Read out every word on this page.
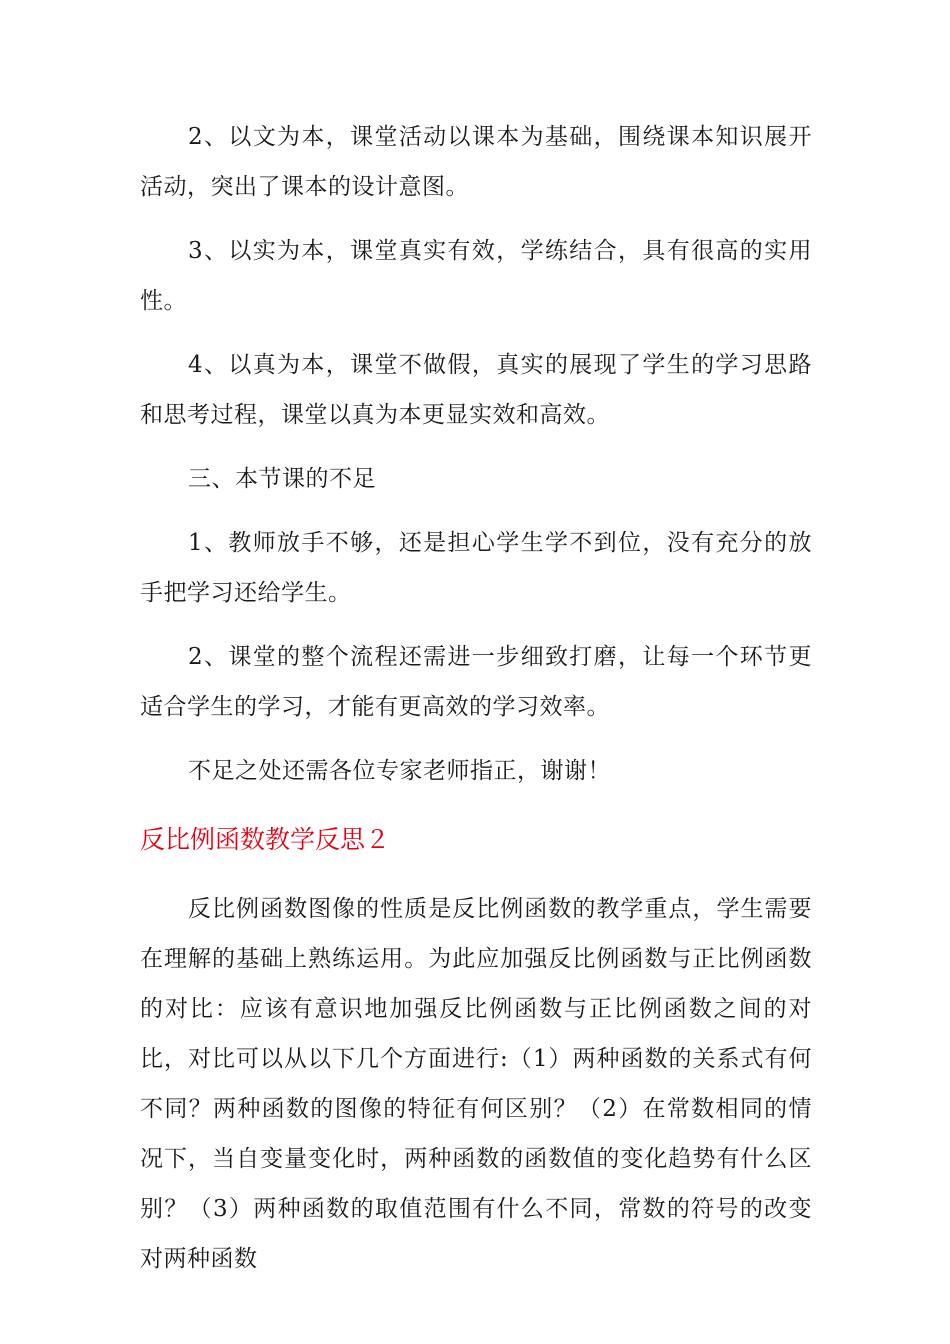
2、以文为本，课堂活动以课本为基础，围绕课本知识展开活动，突出了课本的设计意图。

3、以实为本，课堂真实有效，学练结合，具有很高的实用性。

4、以真为本，课堂不做假，真实的展现了学生的学习思路和思考过程，课堂以真为本更显实效和高效。

三、本节课的不足

1、教师放手不够，还是担心学生学不到位，没有充分的放手把学习还给学生。

2、课堂的整个流程还需进一步细致打磨，让每一个环节更适合学生的学习，才能有更高效的学习效率。

不足之处还需各位专家老师指正，谢谢！

反比例函数教学反思２

反比例函数图像的性质是反比例函数的教学重点，学生需要在理解的基础上熟练运用。为此应加强反比例函数与正比例函数的对比：应该有意识地加强反比例函数与正比例函数之间的对比，对比可以从以下几个方面进行:（1）两种函数的关系式有何不同？两种函数的图像的特征有何区别？（2）在常数相同的情况下，当自变量变化时，两种函数的函数值的变化趋势有什么区别？（3）两种函数的取值范围有什么不同，常数的符号的改变对两种函数
